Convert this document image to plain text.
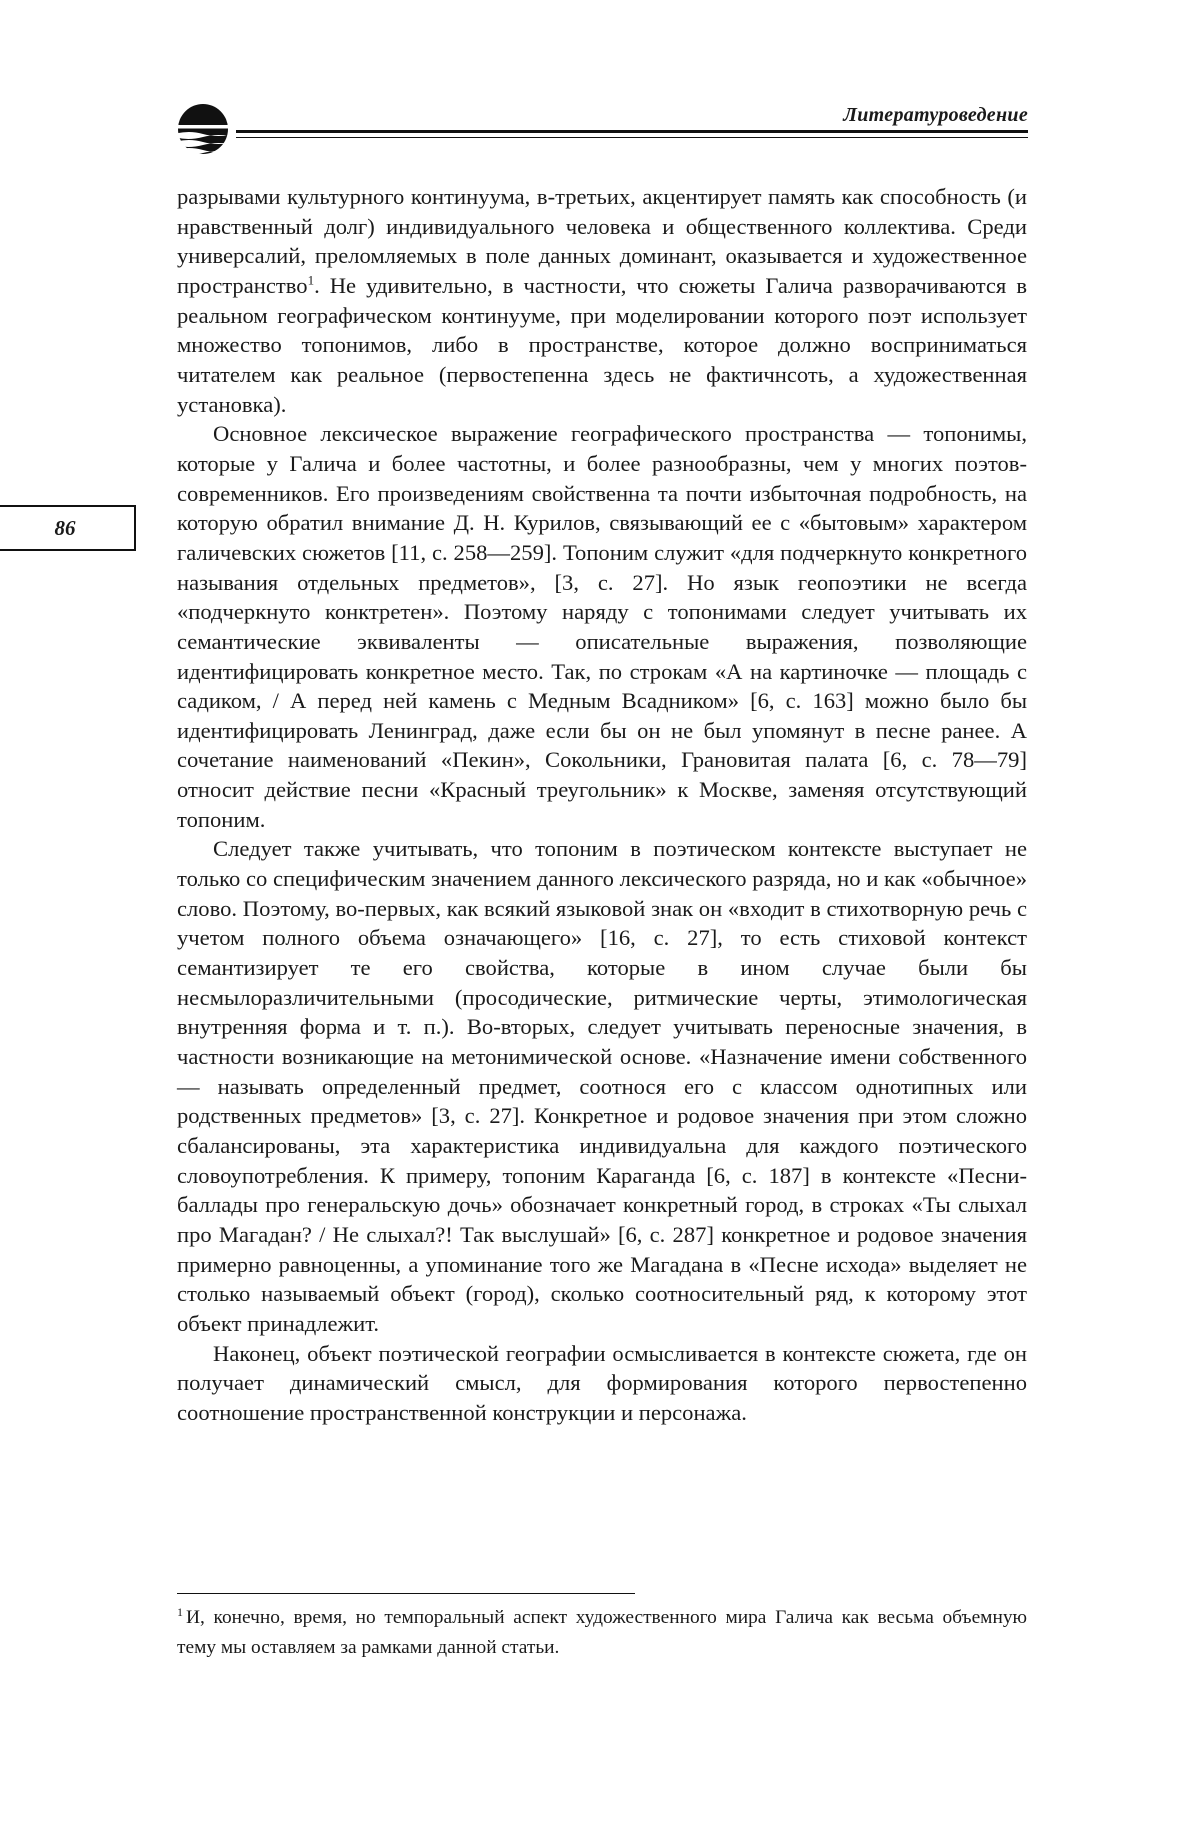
Литературоведение
86

разрывами культурного континуума, в-третьих, акцентирует память как способность (и нравственный долг) индивидуального человека и общественного коллектива. Среди универсалий, преломляемых в поле данных доминант, оказывается и художественное пространство$^1$. Не удивительно, в частности, что сюжеты Галича разворачиваются в реальном географическом континууме, при моделировании которого поэт использует множество топонимов, либо в пространстве, которое должно восприниматься читателем как реальное (первостепенна здесь не фактичнсоть, а художественная установка).

Основное лексическое выражение географического пространства — топонимы, которые у Галича и более частотны, и более разнообразны, чем у многих поэтов-современников. Его произведениям свойственна та почти избыточная подробность, на которую обратил внимание Д. Н. Курилов, связывающий ее с «бытовым» характером галичевских сюжетов [11, с. 258—259]. Топоним служит «для подчеркнуто конкретного называния отдельных предметов», [3, с. 27]. Но язык геопоэтики не всегда «подчеркнуто конктретен». Поэтому наряду с топонимами следует учитывать их семантические эквиваленты — описательные выражения, позволяющие идентифицировать конкретное место. Так, по строкам «А на картиночке — площадь с садиком, / А перед ней камень с Медным Всадником» [6, с. 163] можно было бы идентифицировать Ленинград, даже если бы он не был упомянут в песне ранее. А сочетание наименований «Пекин», Сокольники, Грановитая палата [6, с. 78—79] относит действие песни «Красный треугольник» к Москве, заменяя отсутствующий топоним.

Следует также учитывать, что топоним в поэтическом контексте выступает не только со специфическим значением данного лексического разряда, но и как «обычное» слово. Поэтому, во-первых, как всякий языковой знак он «входит в стихотворную речь с учетом полного объема означающего» [16, с. 27], то есть стиховой контекст семантизирует те его свойства, которые в ином случае были бы несмылоразличительными (просодические, ритмические черты, этимологическая внутренняя форма и т. п.). Во-вторых, следует учитывать переносные значения, в частности возникающие на метонимической основе. «Назначение имени собственного — называть определенный предмет, соотнося его с классом однотипных или родственных предметов» [3, с. 27]. Конкретное и родовое значения при этом сложно сбалансированы, эта характеристика индивидуальна для каждого поэтического словоупотребления. К примеру, топоним Караганда [6, с. 187] в контексте «Песни-баллады про генеральскую дочь» обозначает конкретный город, в строках «Ты слыхал про Магадан? / Не слыхал?! Так выслушай» [6, с. 287] конкретное и родовое значения примерно равноценны, а упоминание того же Магадана в «Песне исхода» выделяет не столько называемый объект (город), сколько соотносительный ряд, к которому этот объект принадлежит.

Наконец, объект поэтической географии осмысливается в контексте сюжета, где он получает динамический смысл, для формирования которого первостепенно соотношение пространственной конструкции и персонажа.

$^1$ И, конечно, время, но темпоральный аспект художественного мира Галича как весьма объемную тему мы оставляем за рамками данной статьи.
